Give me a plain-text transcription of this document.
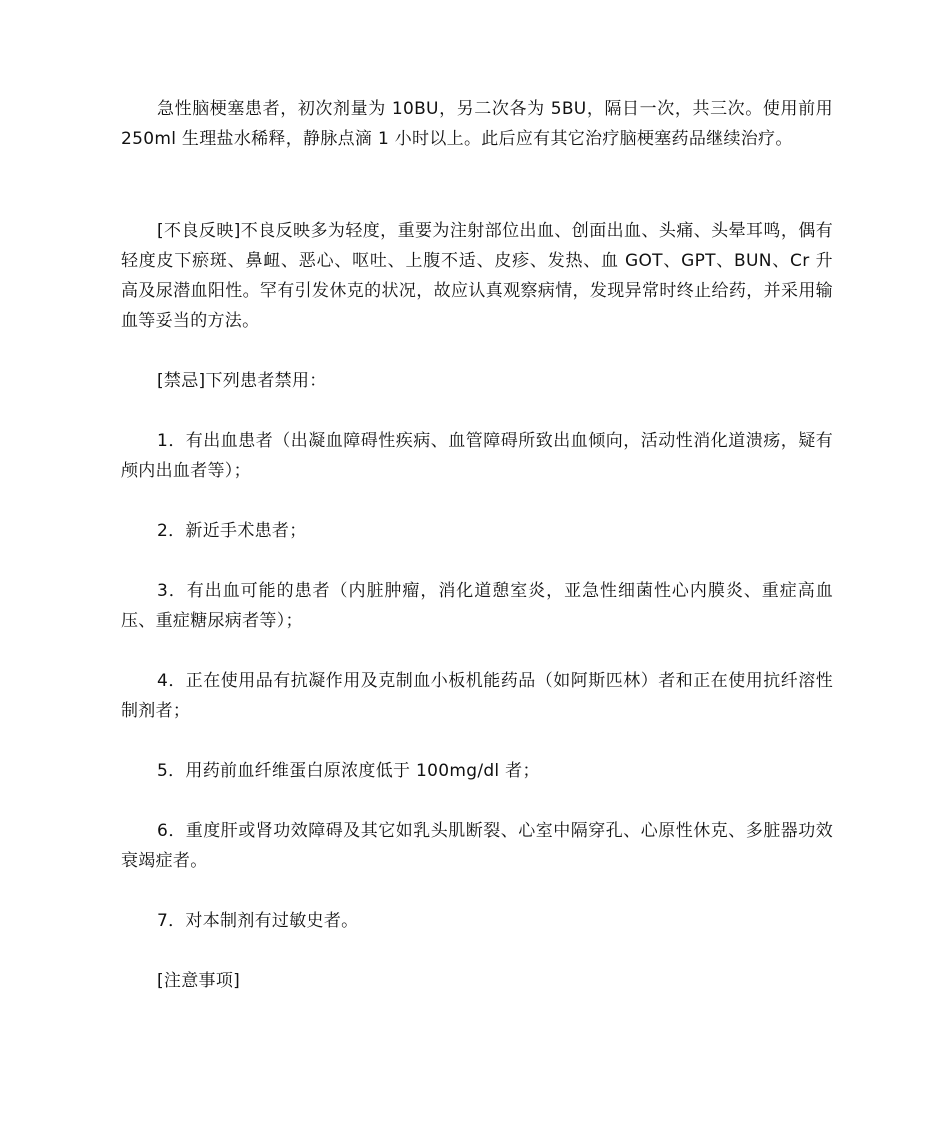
急性脑梗塞患者，初次剂量为 10BU，另二次各为 5BU，隔日一次，共三次。使用前用 250ml 生理盐水稀释，静脉点滴 1 小时以上。此后应有其它治疗脑梗塞药品继续治疗。

[不良反映]不良反映多为轻度，重要为注射部位出血、创面出血、头痛、头晕耳鸣，偶有轻度皮下瘀斑、鼻衄、恶心、呕吐、上腹不适、皮疹、发热、血 GOT、GPT、BUN、Cr 升高及尿潜血阳性。罕有引发休克的状况，故应认真观察病情，发现异常时终止给药，并采用输血等妥当的方法。

[禁忌]下列患者禁用：

1．有出血患者（出凝血障碍性疾病、血管障碍所致出血倾向，活动性消化道溃疡，疑有颅内出血者等）；

2．新近手术患者；

3．有出血可能的患者（内脏肿瘤，消化道憩室炎，亚急性细菌性心内膜炎、重症高血压、重症糖尿病者等）；

4．正在使用品有抗凝作用及克制血小板机能药品（如阿斯匹林）者和正在使用抗纤溶性制剂者；

5．用药前血纤维蛋白原浓度低于 100mg/dl 者；

6．重度肝或肾功效障碍及其它如乳头肌断裂、心室中隔穿孔、心原性休克、多脏器功效衰竭症者。

7．对本制剂有过敏史者。

[注意事项]
